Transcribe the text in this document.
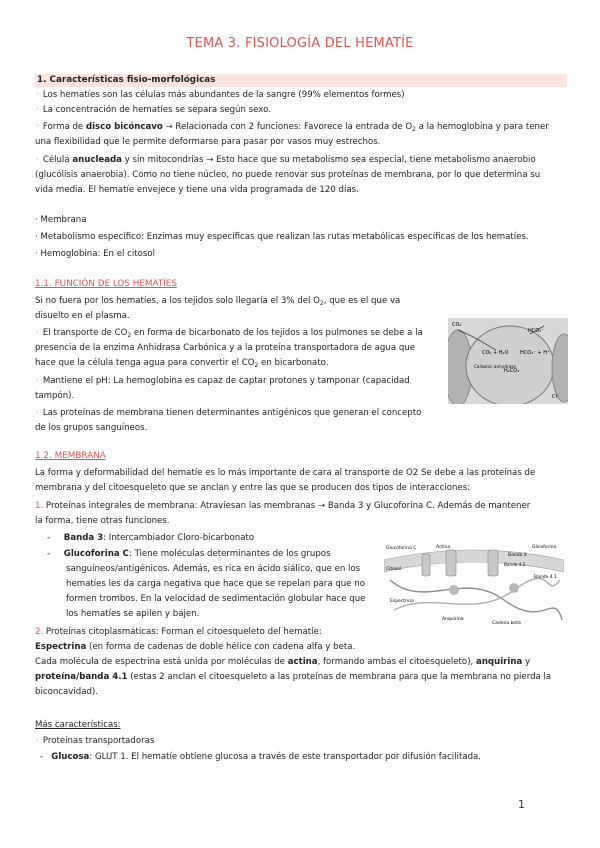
TEMA 3. FISIOLOGÍA DEL HEMATÍE
1. Características fisio-morfológicas

◦ Los hematíes son las células más abundantes de la sangre (99% elementos formes)

◦ La concentración de hematíes se separa según sexo.

◦ Forma de disco bicóncavo → Relacionada con 2 funciones: Favorece la entrada de $O_2$ a la hemoglobina y para tener

una flexibilidad que le permite deformarse para pasar por vasos muy estrechos.

◦ Célula anucleada y sin mitocondrias → Esto hace que su metabolismo sea especial, tiene metabolismo anaerobio

(glucólisis anaerobia). Como no tiene núcleo, no puede renovar sus proteínas de membrana, por lo que determina su

vida media. El hematíe envejece y tiene una vida programada de 120 días.

· Membrana

· Metabolismo específico: Enzimas muy específicas que realizan las rutas metabólicas específicas de los hematíes.

· Hemoglobina: En el citosol

1.1. FUNCIÓN DE LOS HEMATÍES

Si no fuera por los hematíes, a los tejidos solo llegaría el 3% del $O_2$, que es el que va

disuelto en el plasma.

◦ El transporte de $CO_2$ en forma de bicarbonato de los tejidos a los pulmones se debe a la

presencia de la enzima Anhidrasa Carbónica y a la proteína transportadora de agua que

hace que la célula tenga agua para convertir el $CO_2$ en bicarbonato.

◦ Mantiene el pH: La hemoglobina es capaz de captar protones y tamponar (capacidad

tampón).

◦ Las proteínas de membrana tienen determinantes antigénicos que generan el concepto

de los grupos sanguíneos.

CO₂
HCO₃⁻
CO₂ + H₂O HCO₃⁻ + H⁺
H₂CO₃
Carbonic anhydrase
Cl⁻
1.2. MEMBRANA

La forma y deformabilidad del hematíe es lo más importante de cara al transporte de O2 Se debe a las proteínas de

membrana y del citoesqueleto que se anclan y entre las que se producen dos tipos de interacciones:

1. Proteínas integrales de membrana: Atraviesan las membranas → Banda 3 y Glucoforina C. Además de mantener

la forma, tiene otras funciones.

-     Banda 3: Intercambiador Cloro-bicarbonato

-     Glucoforina C: Tiene moléculas determinantes de los grupos

sanguíneos/antigénicos. Además, es rica en ácido siálico, que en los

hematíes les da carga negativa que hace que se repelan para que no

formen trombos. En la velocidad de sedimentación globular hace que

los hematíes se apilen y bajen.

2. Proteínas citoplasmáticas: Forman el citoesqueleto del hematíe:

Espectrina (en forma de cadenas de doble hélice con cadena alfa y beta.

Cada molécula de espectrina está unida por moléculas de actina, formando ambas el citoesqueleto), anquirina y

proteína/banda 4.1 (estas 2 anclan el citoesqueleto a las proteínas de membrana para que la membrana no pierda la

biconcavidad).

Glucoforina C	Actina
Banda 3
Glicoforina
Banda 4.1
Espectrina
Citosol
Banda 4.2
Anquirina
Cadena beta

Más características:

◦ Proteínas transportadoras

-   Glucosa: GLUT 1. El hematíe obtiene glucosa a través de este transportador por difusión facilitada.

1
